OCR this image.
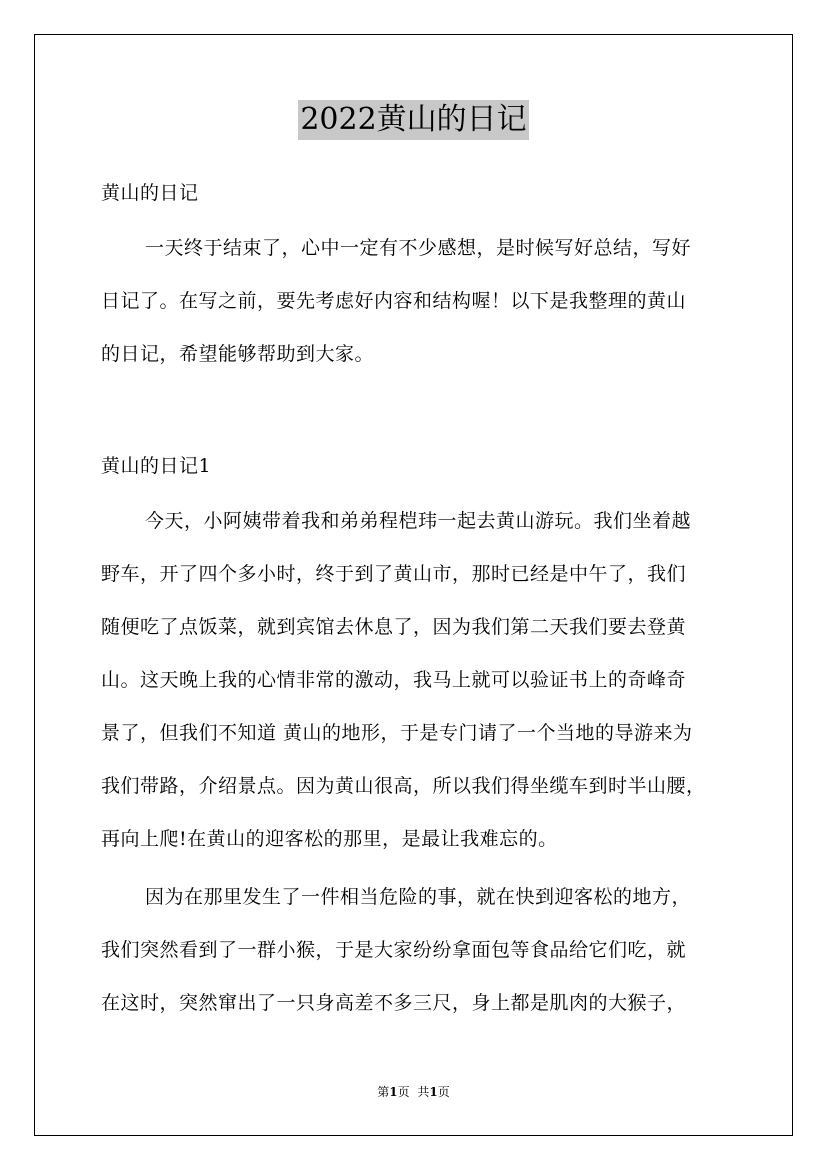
2022黄山的日记
黄山的日记
一天终于结束了，心中一定有不少感想，是时候写好总结，写好
日记了。在写之前，要先考虑好内容和结构喔！以下是我整理的黄山
的日记，希望能够帮助到大家。
黄山的日记1
今天，小阿姨带着我和弟弟程桤玮一起去黄山游玩。我们坐着越
野车，开了四个多小时，终于到了黄山市，那时已经是中午了，我们
随便吃了点饭菜，就到宾馆去休息了，因为我们第二天我们要去登黄
山。这天晚上我的心情非常的激动，我马上就可以验证书上的奇峰奇
景了，但我们不知道 黄山的地形，于是专门请了一个当地的导游来为
我们带路，介绍景点。因为黄山很高，所以我们得坐缆车到时半山腰，
再向上爬!在黄山的迎客松的那里，是最让我难忘的。
因为在那里发生了一件相当危险的事，就在快到迎客松的地方，
我们突然看到了一群小猴，于是大家纷纷拿面包等食品给它们吃，就
在这时，突然窜出了一只身高差不多三尺，身上都是肌肉的大猴子，
第1页 共1页
